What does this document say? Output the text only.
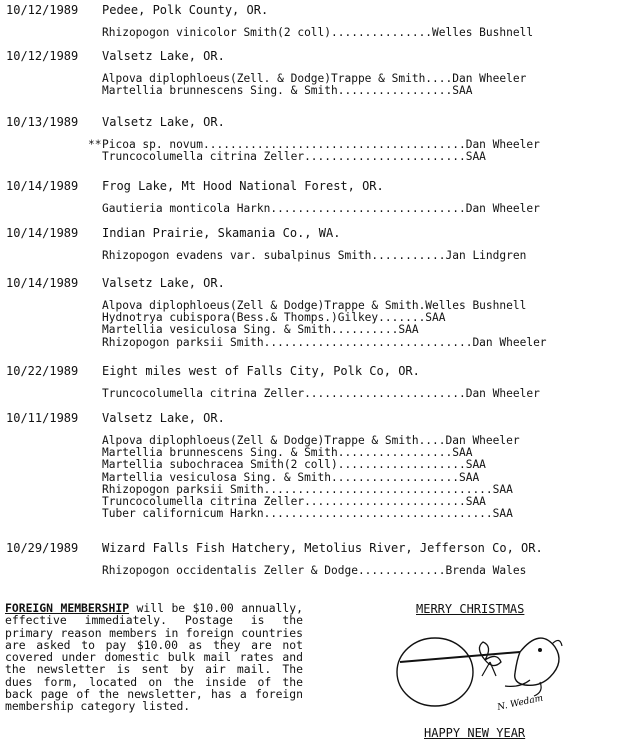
10/12/1989 Pedee, Polk County, OR.
Rhizopogon vinicolor Smith(2 coll)...............Welles Bushnell
10/12/1989 Valsetz Lake, OR.
Alpova diplophloeus(Zell. & Dodge)Trappe & Smith....Dan Wheeler
Martellia brunnescens Sing. & Smith.................SAA
10/13/1989 Valsetz Lake, OR.
** Picoa sp. novum.......................................Dan Wheeler
Truncocolumella citrina Zeller........................SAA
10/14/1989 Frog Lake, Mt Hood National Forest, OR.
Gautieria monticola Harkn.............................Dan Wheeler
10/14/1989 Indian Prairie, Skamania Co., WA.
Rhizopogon evadens var. subalpinus Smith...........Jan Lindgren
10/14/1989 Valsetz Lake, OR.
Alpova diplophloeus(Zell & Dodge)Trappe & Smith.Welles Bushnell
Hydnotrya cubispora(Bess.& Thomps.)Gilkey.......SAA
Martellia vesiculosa Sing. & Smith..........SAA
Rhizopogon parksii Smith...............................Dan Wheeler
10/22/1989 Eight miles west of Falls City, Polk Co, OR.
Truncocolumella citrina Zeller........................Dan Wheeler
10/11/1989 Valsetz Lake, OR.
Alpova diplophloeus(Zell & Dodge)Trappe & Smith....Dan Wheeler
Martellia brunnescens Sing. & Smith.................SAA
Martellia subochracea Smith(2 coll)...................SAA
Martellia vesiculosa Sing. & Smith...................SAA
Rhizopogon parksii Smith..................................SAA
Truncocolumella citrina Zeller........................SAA
Tuber californicum Harkn..................................SAA
10/29/1989 Wizard Falls Fish Hatchery, Metolius River, Jefferson Co, OR.
Rhizopogon occidentalis Zeller & Dodge.............Brenda Wales
FOREIGN MEMBERSHIP will be $10.00 annually, effective immediately. Postage is the primary reason members in foreign countries are asked to pay $10.00 as they are not covered under domestic bulk mail rates and the newsletter is sent by air mail. The dues form, located on the inside of the back page of the newsletter, has a foreign membership category listed.
MERRY CHRISTMAS
N. Wedam
HAPPY NEW YEAR
